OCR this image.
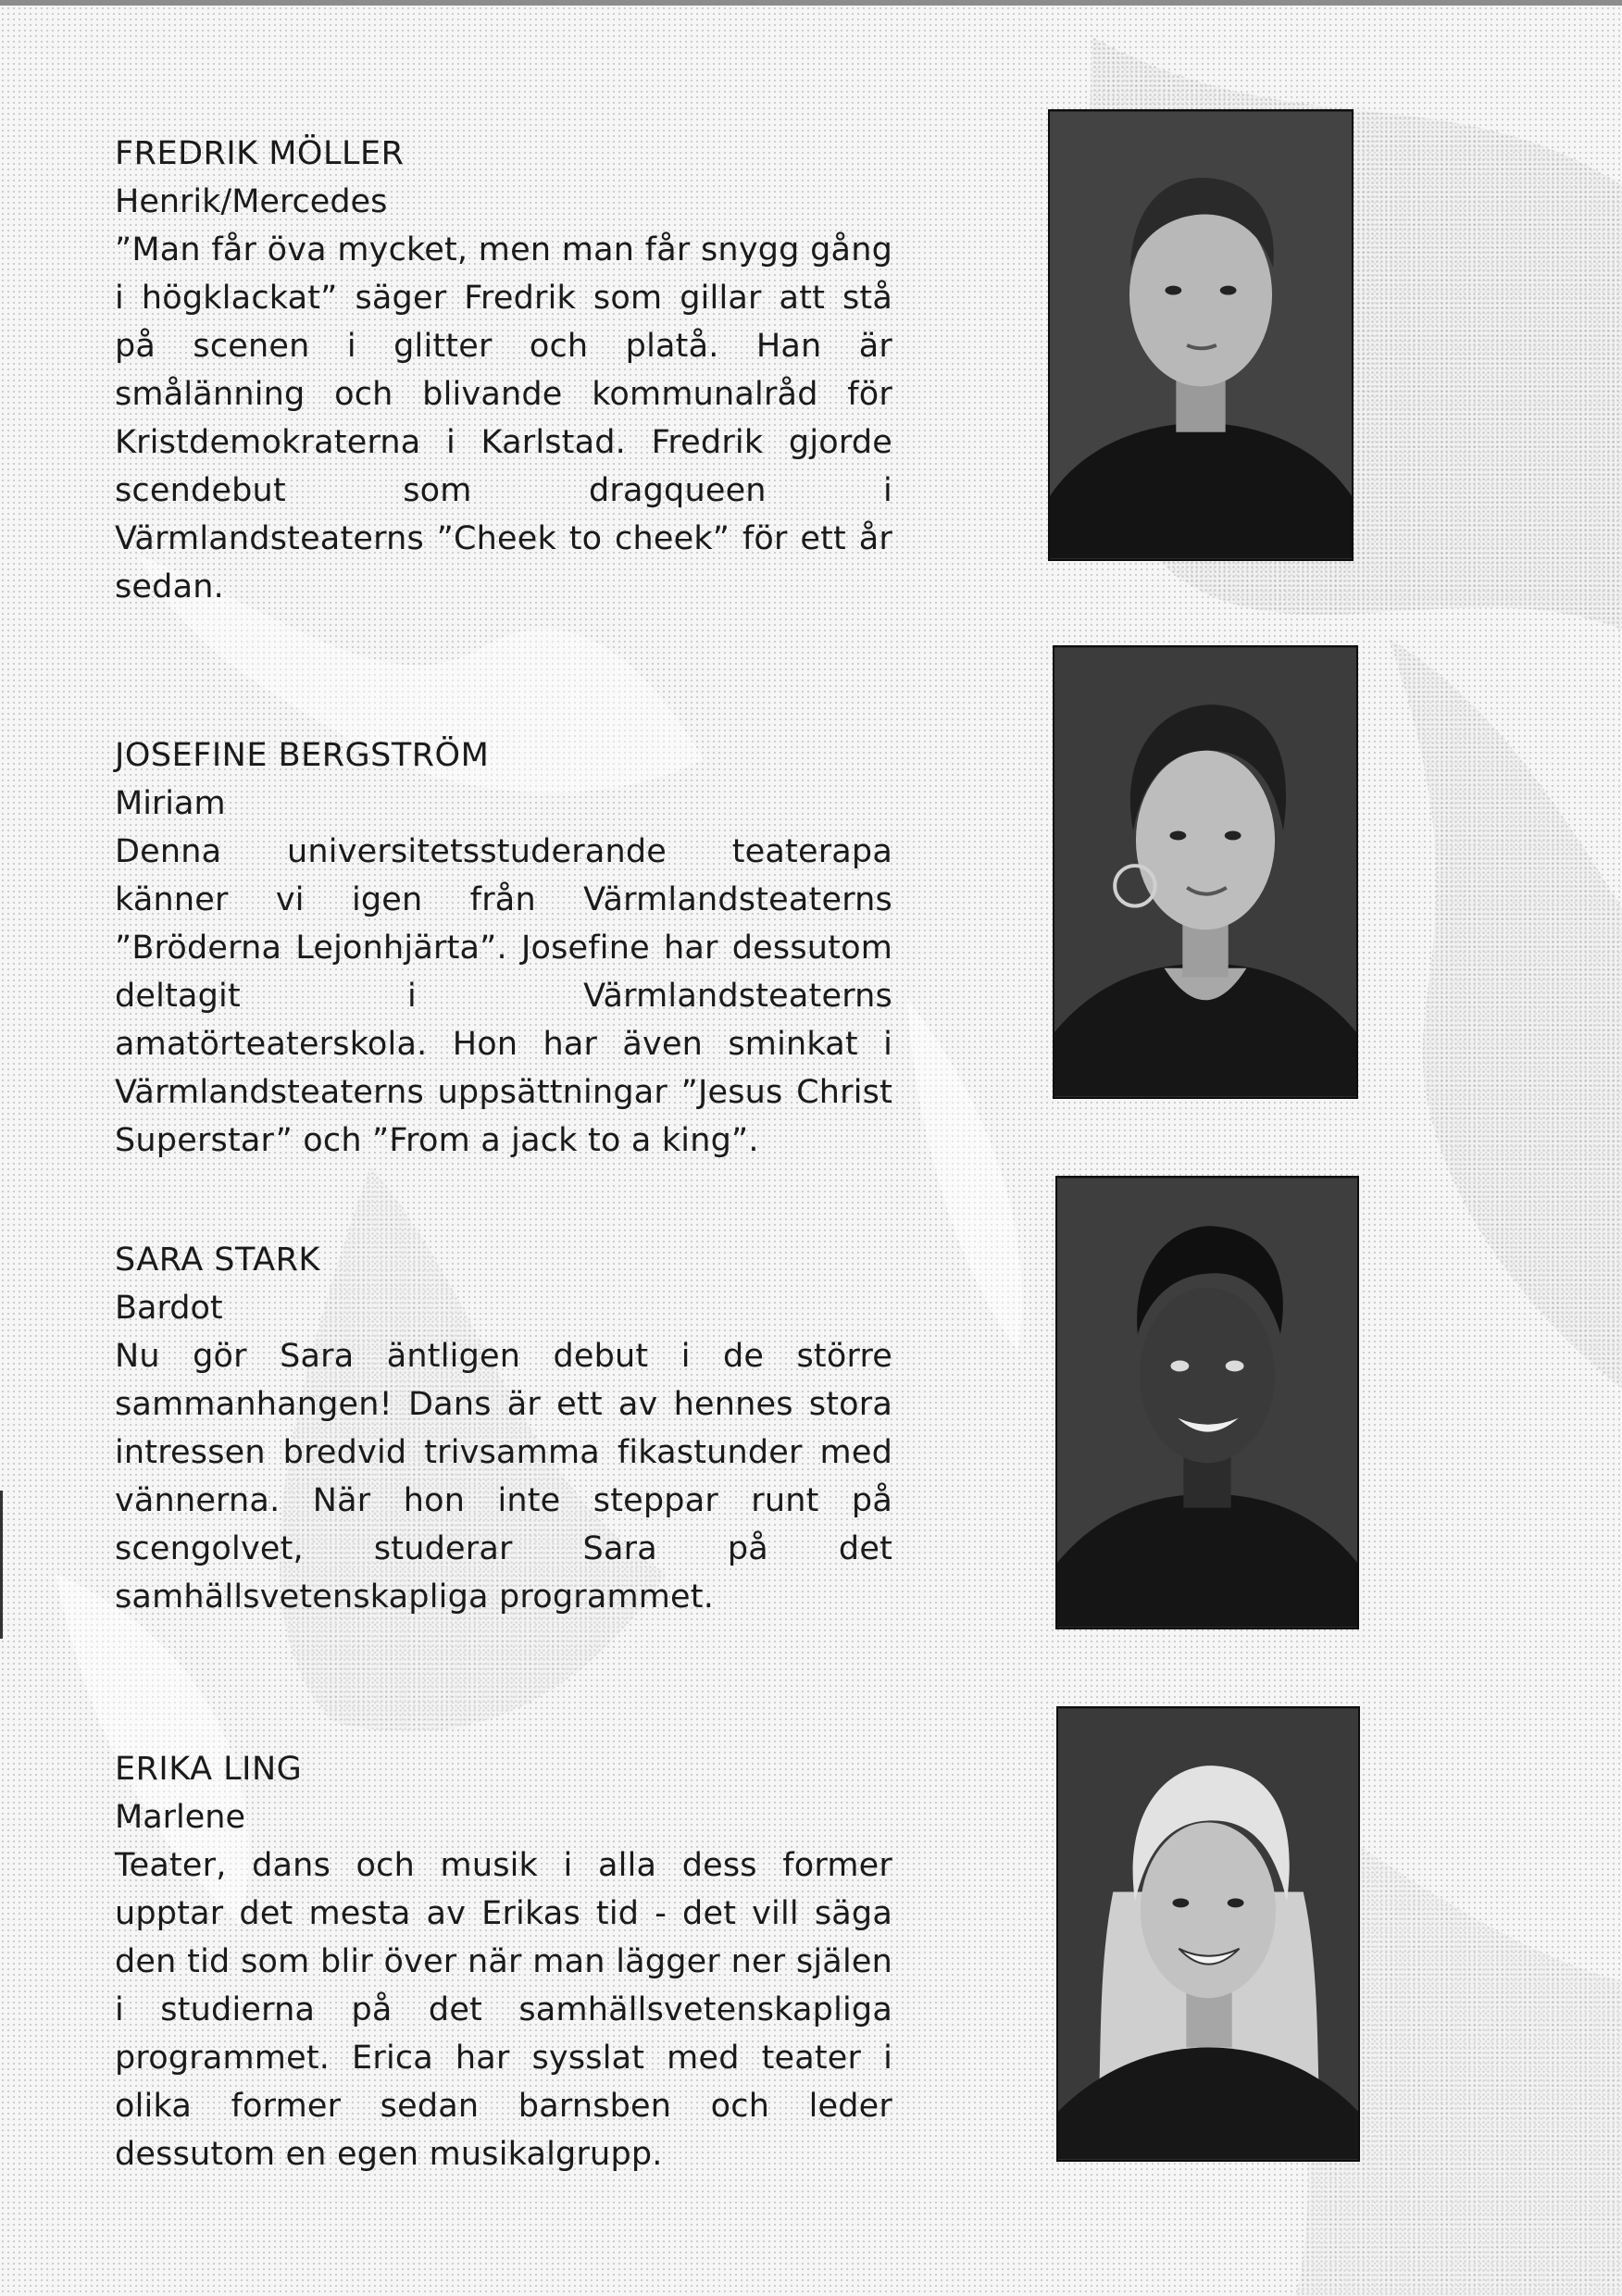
FREDRIK MÖLLER

Henrik/Mercedes

”Man får öva mycket, men man får snygg gång i högklackat” säger Fredrik som gillar att stå på scenen i glitter och platå. Han är smålänning och blivande kommunalråd för Kristdemokraterna i Karlstad. Fredrik gjorde scendebut som dragqueen i Värmlandsteaterns ”Cheek to cheek” för ett år sedan.

JOSEFINE BERGSTRÖM

Miriam

Denna universitetsstuderande teaterapa känner vi igen från Värmlandsteaterns ”Bröderna Lejonhjärta”. Josefine har dessutom deltagit i Värmlandsteaterns amatörteaterskola. Hon har även sminkat i Värmlandsteaterns uppsättningar ”Jesus Christ Superstar” och ”From a jack to a king”.

SARA STARK

Bardot

Nu gör Sara äntligen debut i de större sammanhangen! Dans är ett av hennes stora intressen bredvid trivsamma fikastunder med vännerna. När hon inte steppar runt på scengolvet, studerar Sara på det samhällsvetenskapliga programmet.

ERIKA LING

Marlene

Teater, dans och musik i alla dess former upptar det mesta av Erikas tid - det vill säga den tid som blir över när man lägger ner själen i studierna på det samhällsvetenskapliga programmet. Erica har sysslat med teater i olika former sedan barnsben och leder dessutom en egen musikalgrupp.
